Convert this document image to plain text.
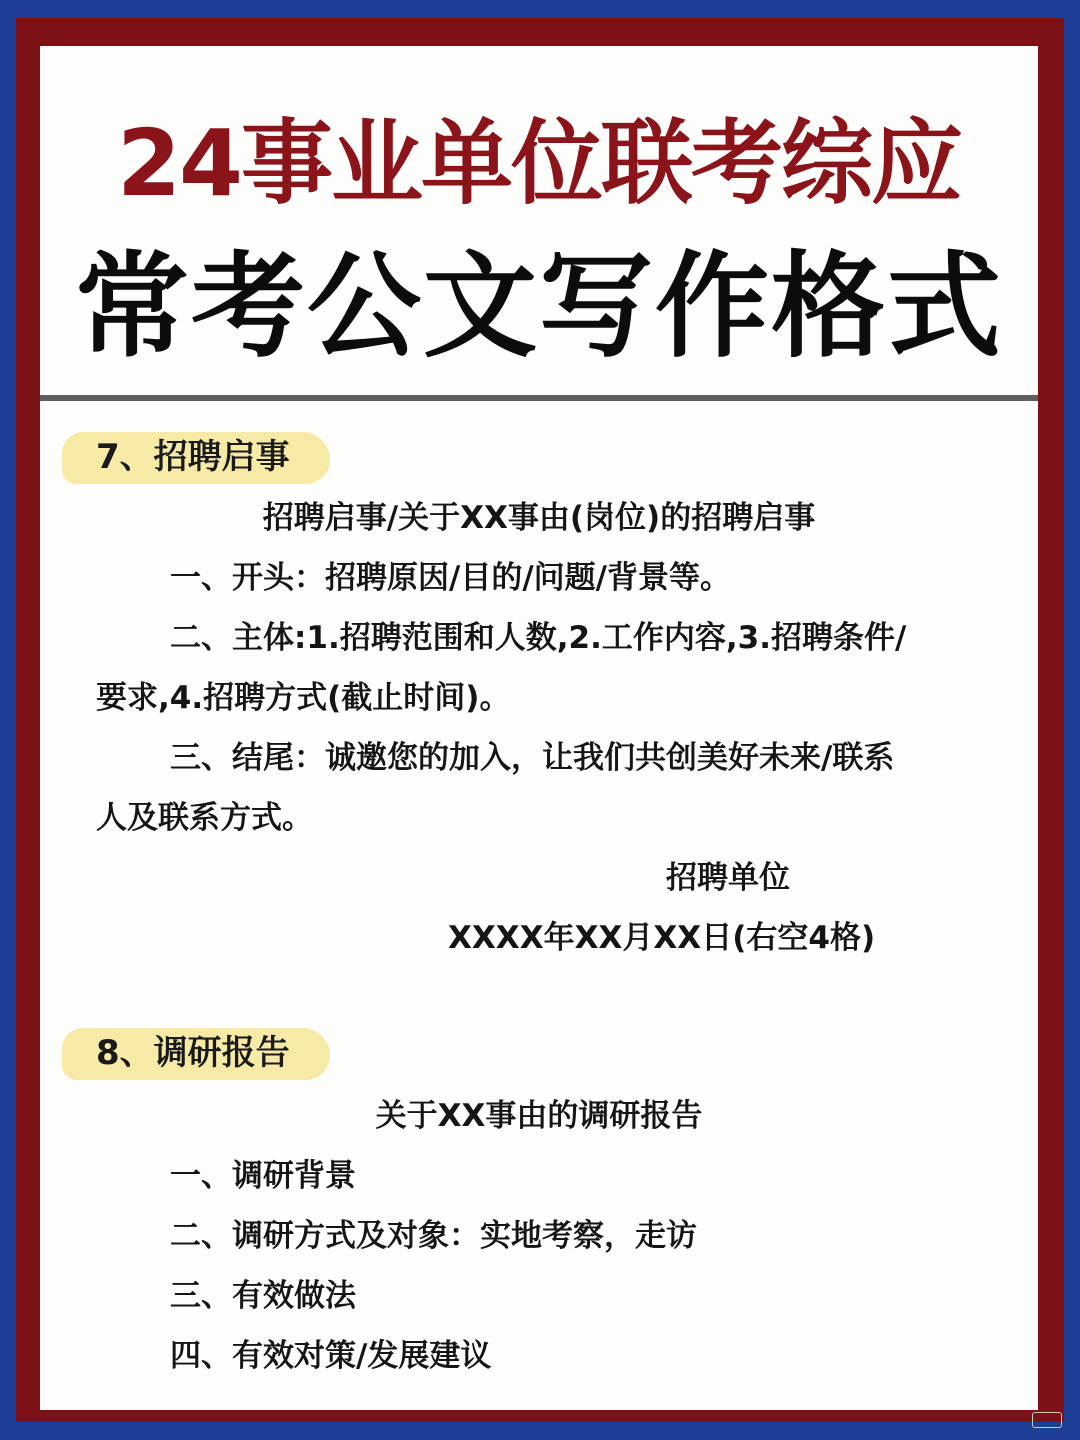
24事业单位联考综应
常考公文写作格式
7、招聘启事
招聘启事/关于XX事由(岗位)的招聘启事
一、开头：招聘原因/目的/问题/背景等。
二、主体:1.招聘范围和人数,2.工作内容,3.招聘条件/
要求,4.招聘方式(截止时间)。
三、结尾：诚邀您的加入，让我们共创美好未来/联系
人及联系方式。
招聘单位
XXXX年XX月XX日(右空4格)
8、调研报告
关于XX事由的调研报告
一、调研背景
二、调研方式及对象：实地考察，走访
三、有效做法
四、有效对策/发展建议
